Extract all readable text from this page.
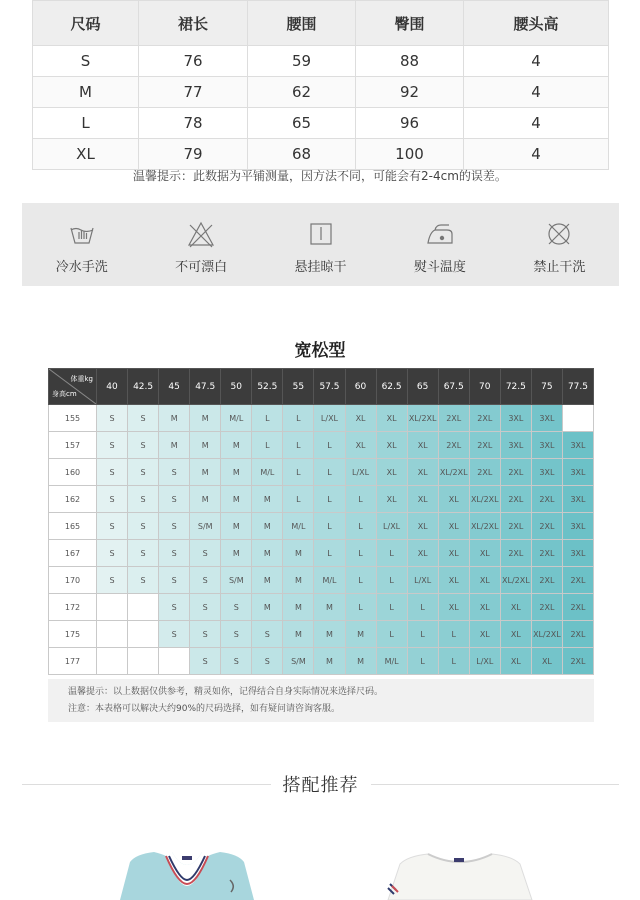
尺码	裙长	腰围	臀围	腰头高
S	76	59	88	4
M	77	62	92	4
L	78	65	96	4
XL	79	68	100	4
温馨提示：此数据为平铺测量，因方法不同，可能会有2-4cm的误差。
冷水手洗	不可漂白	悬挂晾干	熨斗温度	禁止干洗
宽松型
体重kg
身高cm	40	42.5	45	47.5	50	52.5	55	57.5	60	62.5	65	67.5	70	72.5	75	77.5
155	S	S	M	M	M/L	L	L	L/XL	XL	XL	XL/2XL	2XL	2XL	3XL	3XL	
157	S	S	M	M	M	L	L	L	XL	XL	XL	2XL	2XL	3XL	3XL	3XL
160	S	S	S	M	M	M/L	L	L	L/XL	XL	XL	XL/2XL	2XL	2XL	3XL	3XL
162	S	S	S	M	M	M	L	L	L	XL	XL	XL	XL/2XL	2XL	2XL	3XL
165	S	S	S	S/M	M	M	M/L	L	L	L/XL	XL	XL	XL/2XL	2XL	2XL	3XL
167	S	S	S	S	M	M	M	L	L	L	XL	XL	XL	2XL	2XL	3XL
170	S	S	S	S	S/M	M	M	M/L	L	L	L/XL	XL	XL	XL/2XL	2XL	2XL
172			S	S	S	M	M	M	L	L	L	XL	XL	XL	2XL	2XL
175			S	S	S	S	M	M	M	L	L	L	XL	XL	XL/2XL	2XL
177				S	S	S	S/M	M	M	M/L	L	L	L/XL	XL	XL	2XL
温馨提示：以上数据仅供参考，精灵如你，记得结合自身实际情况来选择尺码。
注意：本表格可以解决大约90%的尺码选择，如有疑问请咨询客服。
搭配推荐
